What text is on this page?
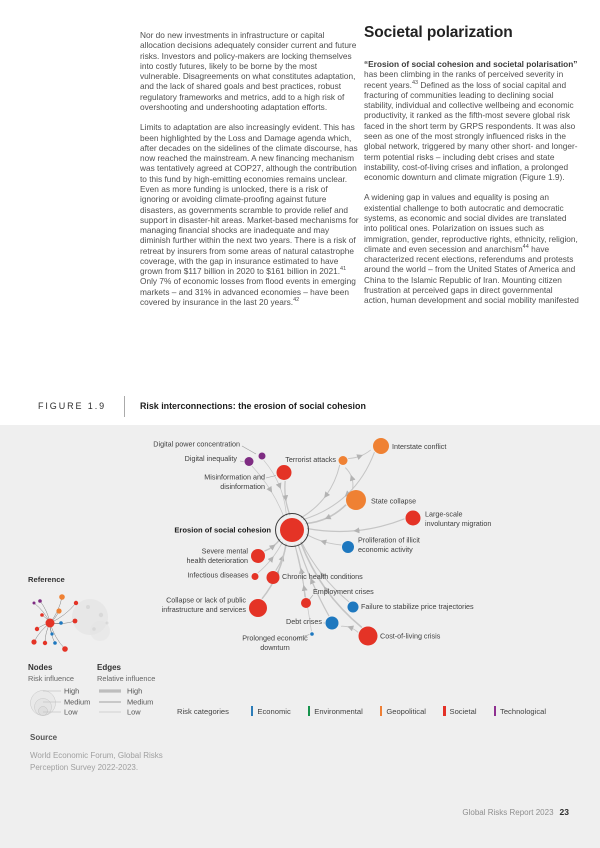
Nor do new investments in infrastructure or capital allocation decisions adequately consider current and future risks. Investors and policy-makers are locking themselves into costly futures, likely to be borne by the most vulnerable. Disagreements on what constitutes adaptation, and the lack of shared goals and best practices, robust regulatory frameworks and metrics, add to a high risk of overshooting and undershooting adaptation efforts.

Limits to adaptation are also increasingly evident. This has been highlighted by the Loss and Damage agenda which, after decades on the sidelines of the climate discourse, has now reached the mainstream. A new financing mechanism was tentatively agreed at COP27, although the contribution to this fund by high-emitting economies remains unclear. Even as more funding is unlocked, there is a risk of ignoring or avoiding climate-proofing against future disasters, as governments scramble to provide relief and support in disaster-hit areas. Market-based mechanisms for managing financial shocks are inadequate and may diminish further within the next two years. There is a risk of retreat by insurers from some areas of natural catastrophe coverage, with the gap in insurance estimated to have grown from $117 billion in 2020 to $161 billion in 2021.41 Only 7% of economic losses from flood events in emerging markets – and 31% in advanced economies – have been covered by insurance in the last 20 years.$^{42}$

Societal polarization

“Erosion of social cohesion and societal polarisation” has been climbing in the ranks of perceived severity in recent years.$^{43}$ Defined as the loss of social capital and fracturing of communities leading to declining social stability, individual and collective wellbeing and economic productivity, it ranked as the fifth-most severe global risk faced in the short term by GRPS respondents. It was also seen as one of the most strongly influenced risks in the global network, triggered by many other short- and longer-term potential risks – including debt crises and state instability, cost-of-living crises and inflation, a prolonged economic downturn and climate migration (Figure 1.9).

A widening gap in values and equality is posing an existential challenge to both autocratic and democratic systems, as economic and social divides are translated into political ones. Polarization on issues such as immigration, gender, reproductive rights, ethnicity, religion, climate and even secession and anarchism$^{44}$ have characterized recent elections, referendums and protests around the world – from the United States of America and China to the Islamic Republic of Iran. Mounting citizen frustration at perceived gaps in direct governmental action, human development and social mobility manifested

FIGURE 1.9	Risk interconnections: the erosion of social cohesion
Erosion of social cohesion
Digital power concentration
Digital inequality	Terrorist attacks
Interstate conflict
Misinformation and disinformation
State collapse
Large-scale involuntary migration
Proliferation of illicit economic activity
Severe mental health deterioration
Infectious diseases	Chronic health conditions
Employment crises
Collapse or lack of public infrastructure and services	Failure to stabilize price trajectories
Debt crises
Cost-of-living crisis
Prolonged economic downturn
Reference
Nodes
Risk influence
High
Medium
Low
Edges
Relative influence
High
Medium
Low	Risk categories	Economic	Environmental	Geopolitical	Societal	Technological
Source
World Economic Forum, Global Risks
Perception Survey 2022-2023.
Global Risks Report 2023 23
